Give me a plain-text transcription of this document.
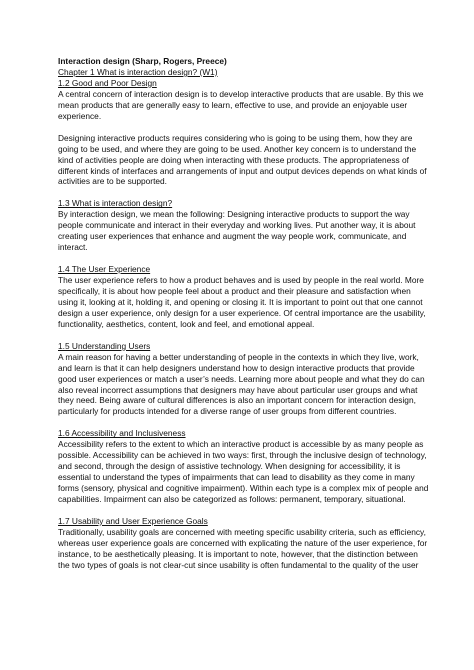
Interaction design (Sharp, Rogers, Preece)
Chapter 1 What is interaction design? (W1)
1.2 Good and Poor Design
A central concern of interaction design is to develop interactive products that are usable. By this we
mean products that are generally easy to learn, effective to use, and provide an enjoyable user
experience.
Designing interactive products requires considering who is going to be using them, how they are
going to be used, and where they are going to be used. Another key concern is to understand the
kind of activities people are doing when interacting with these products. The appropriateness of
different kinds of interfaces and arrangements of input and output devices depends on what kinds of
activities are to be supported.
1.3 What is interaction design?
By interaction design, we mean the following: Designing interactive products to support the way
people communicate and interact in their everyday and working lives. Put another way, it is about
creating user experiences that enhance and augment the way people work, communicate, and
interact.
1.4 The User Experience
The user experience refers to how a product behaves and is used by people in the real world. More
specifically, it is about how people feel about a product and their pleasure and satisfaction when
using it, looking at it, holding it, and opening or closing it. It is important to point out that one cannot
design a user experience, only design for a user experience. Of central importance are the usability,
functionality, aesthetics, content, look and feel, and emotional appeal.
1.5 Understanding Users
A main reason for having a better understanding of people in the contexts in which they live, work,
and learn is that it can help designers understand how to design interactive products that provide
good user experiences or match a user’s needs. Learning more about people and what they do can
also reveal incorrect assumptions that designers may have about particular user groups and what
they need. Being aware of cultural differences is also an important concern for interaction design,
particularly for products intended for a diverse range of user groups from different countries.
1.6 Accessibility and Inclusiveness
Accessibility refers to the extent to which an interactive product is accessible by as many people as
possible. Accessibility can be achieved in two ways: first, through the inclusive design of technology,
and second, through the design of assistive technology. When designing for accessibility, it is
essential to understand the types of impairments that can lead to disability as they come in many
forms (sensory, physical and cognitive impairment). Within each type is a complex mix of people and
capabilities. Impairment can also be categorized as follows: permanent, temporary, situational.
1.7 Usability and User Experience Goals
Traditionally, usability goals are concerned with meeting specific usability criteria, such as efficiency,
whereas user experience goals are concerned with explicating the nature of the user experience, for
instance, to be aesthetically pleasing. It is important to note, however, that the distinction between
the two types of goals is not clear-cut since usability is often fundamental to the quality of the user
